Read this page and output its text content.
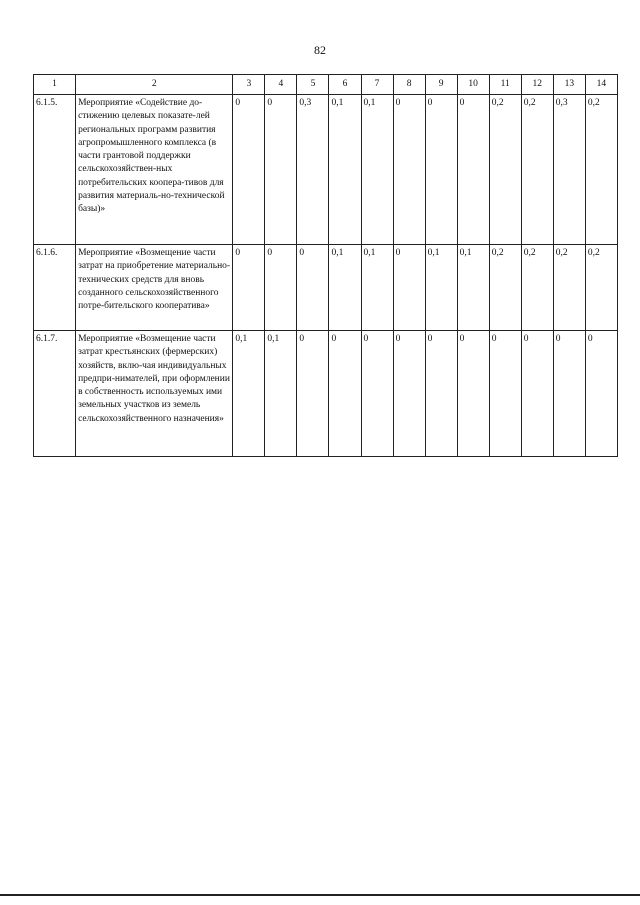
82
1	2	3	4	5	6	7	8	9	10	11	12	13	14
6.1.5.	Мероприятие «Содействие до-стижению целевых показате-лей региональных программ развития агропромышленного комплекса (в части грантовой поддержки сельскохозяйствен-ных потребительских коопера-тивов для развития материаль-но-технической базы)»	0	0	0,3	0,1	0,1	0	0	0	0,2	0,2	0,3	0,2
6.1.6.	Мероприятие «Возмещение части затрат на приобретение материально-технических средств для вновь созданного сельскохозяйственного потре-бительского кооператива»	0	0	0	0,1	0,1	0	0,1	0,1	0,2	0,2	0,2	0,2
6.1.7.	Мероприятие «Возмещение части затрат крестьянских (фермерских) хозяйств, вклю-чая индивидуальных предпри-нимателей, при оформлении в собственность используемых ими земельных участков из земель сельскохозяйственного назначения»	0,1	0,1	0	0	0	0	0	0	0	0	0	0
